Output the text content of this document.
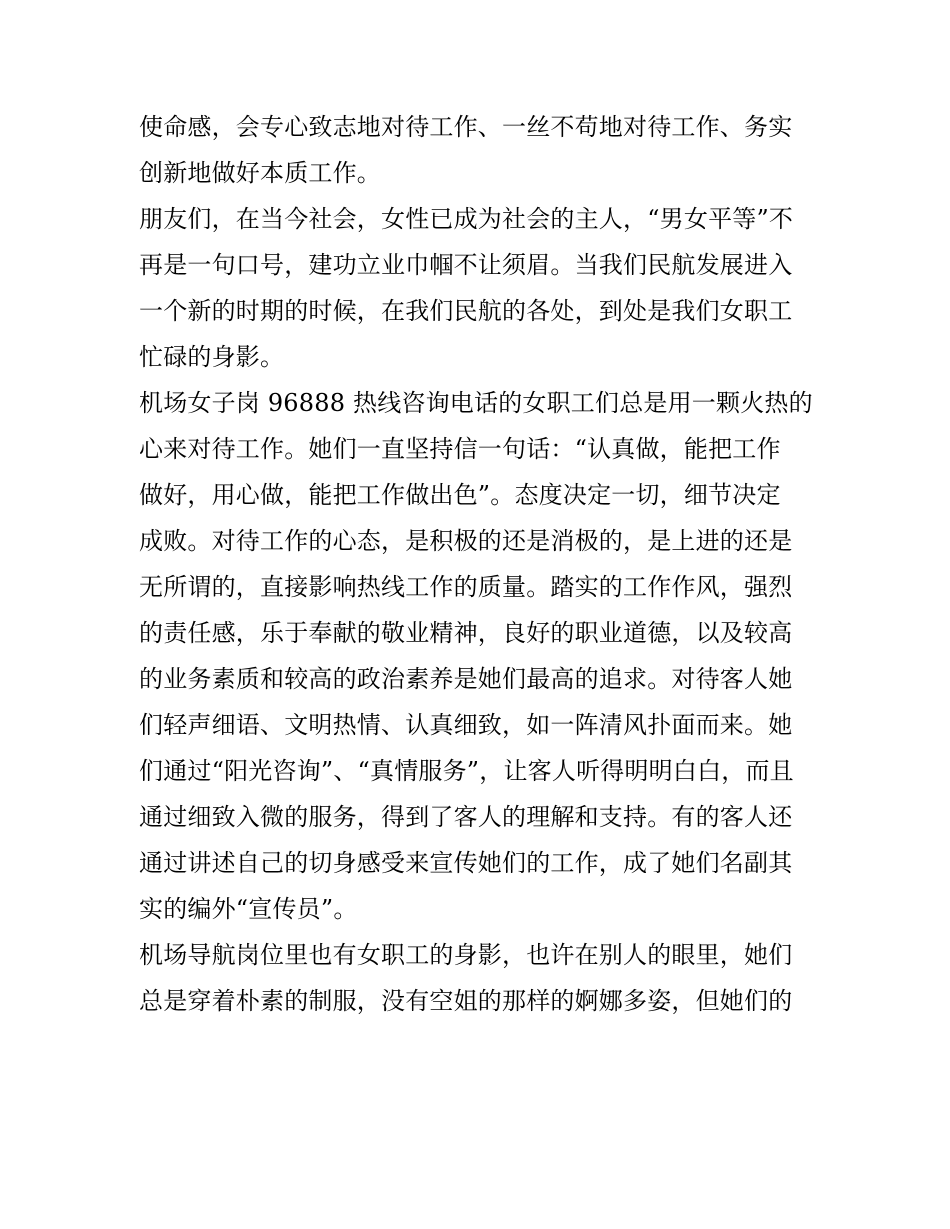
使命感，会专心致志地对待工作、一丝不苟地对待工作、务实
创新地做好本质工作。
朋友们，在当今社会，女性已成为社会的主人，“男女平等”不
再是一句口号，建功立业巾帼不让须眉。当我们民航发展进入
一个新的时期的时候，在我们民航的各处，到处是我们女职工
忙碌的身影。
机场女子岗 96888 热线咨询电话的女职工们总是用一颗火热的
心来对待工作。她们一直坚持信一句话：“认真做，能把工作
做好，用心做，能把工作做出色”。态度决定一切，细节决定
成败。对待工作的心态，是积极的还是消极的，是上进的还是
无所谓的，直接影响热线工作的质量。踏实的工作作风，强烈
的责任感，乐于奉献的敬业精神，良好的职业道德，以及较高
的业务素质和较高的政治素养是她们最高的追求。对待客人她
们轻声细语、文明热情、认真细致，如一阵清风扑面而来。她
们通过“阳光咨询”、“真情服务”，让客人听得明明白白，而且
通过细致入微的服务，得到了客人的理解和支持。有的客人还
通过讲述自己的切身感受来宣传她们的工作，成了她们名副其
实的编外“宣传员”。
机场导航岗位里也有女职工的身影，也许在别人的眼里，她们
总是穿着朴素的制服，没有空姐的那样的婀娜多姿，但她们的
